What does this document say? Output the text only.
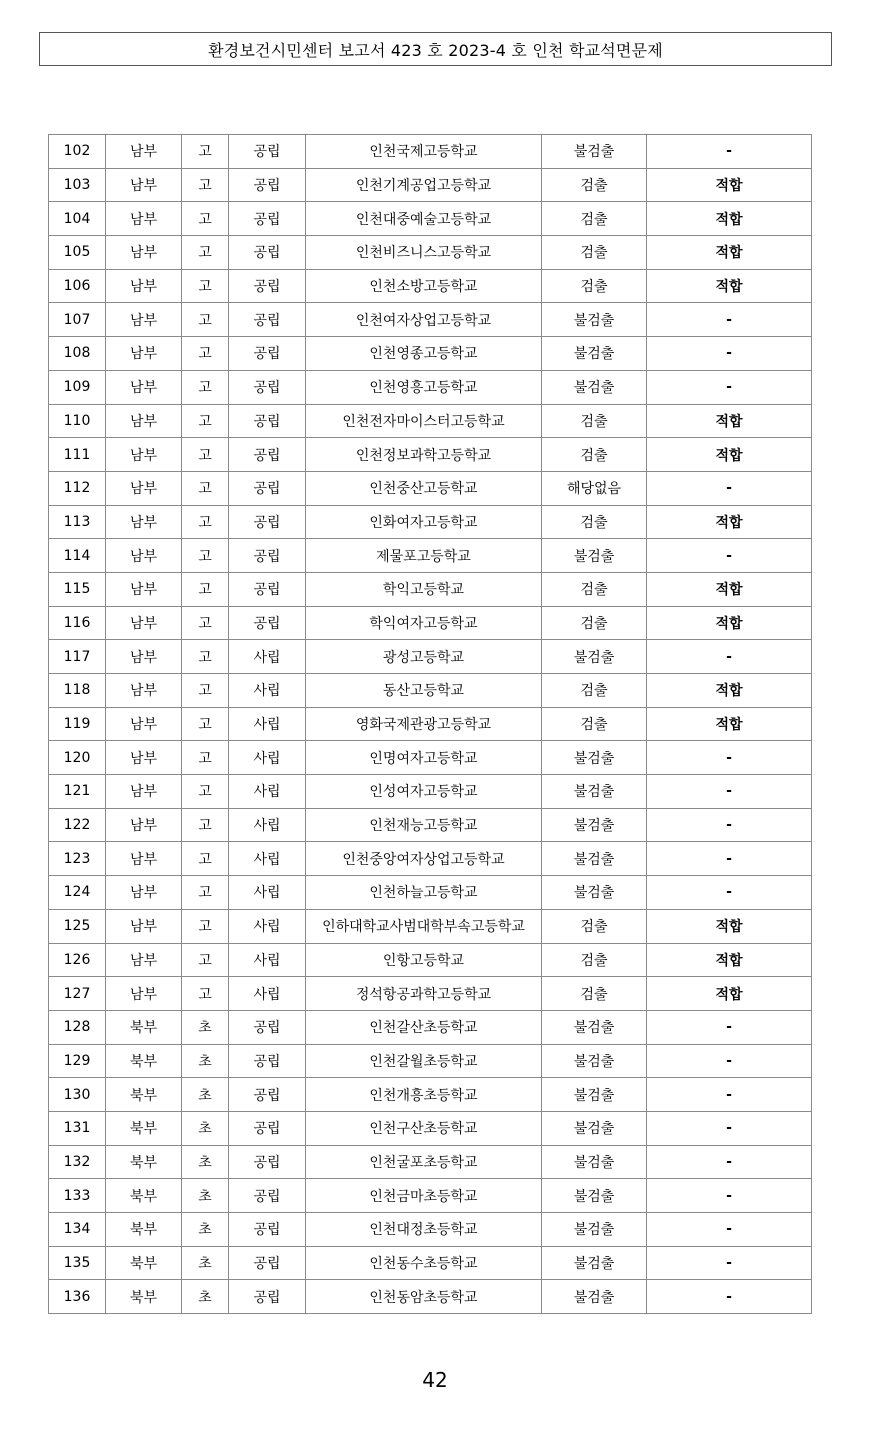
환경보건시민센터 보고서 423 호 2023-4 호 인천 학교석면문제
102	남부	고	공립	인천국제고등학교	불검출	-
103	남부	고	공립	인천기계공업고등학교	검출	적합
104	남부	고	공립	인천대중예술고등학교	검출	적합
105	남부	고	공립	인천비즈니스고등학교	검출	적합
106	남부	고	공립	인천소방고등학교	검출	적합
107	남부	고	공립	인천여자상업고등학교	불검출	-
108	남부	고	공립	인천영종고등학교	불검출	-
109	남부	고	공립	인천영흥고등학교	불검출	-
110	남부	고	공립	인천전자마이스터고등학교	검출	적합
111	남부	고	공립	인천정보과학고등학교	검출	적합
112	남부	고	공립	인천중산고등학교	해당없음	-
113	남부	고	공립	인화여자고등학교	검출	적합
114	남부	고	공립	제물포고등학교	불검출	-
115	남부	고	공립	학익고등학교	검출	적합
116	남부	고	공립	학익여자고등학교	검출	적합
117	남부	고	사립	광성고등학교	불검출	-
118	남부	고	사립	동산고등학교	검출	적합
119	남부	고	사립	영화국제관광고등학교	검출	적합
120	남부	고	사립	인명여자고등학교	불검출	-
121	남부	고	사립	인성여자고등학교	불검출	-
122	남부	고	사립	인천재능고등학교	불검출	-
123	남부	고	사립	인천중앙여자상업고등학교	불검출	-
124	남부	고	사립	인천하늘고등학교	불검출	-
125	남부	고	사립	인하대학교사범대학부속고등학교	검출	적합
126	남부	고	사립	인항고등학교	검출	적합
127	남부	고	사립	정석항공과학고등학교	검출	적합
128	북부	초	공립	인천갈산초등학교	불검출	-
129	북부	초	공립	인천갈월초등학교	불검출	-
130	북부	초	공립	인천개흥초등학교	불검출	-
131	북부	초	공립	인천구산초등학교	불검출	-
132	북부	초	공립	인천굴포초등학교	불검출	-
133	북부	초	공립	인천금마초등학교	불검출	-
134	북부	초	공립	인천대정초등학교	불검출	-
135	북부	초	공립	인천동수초등학교	불검출	-
136	북부	초	공립	인천동암초등학교	불검출	-
42
